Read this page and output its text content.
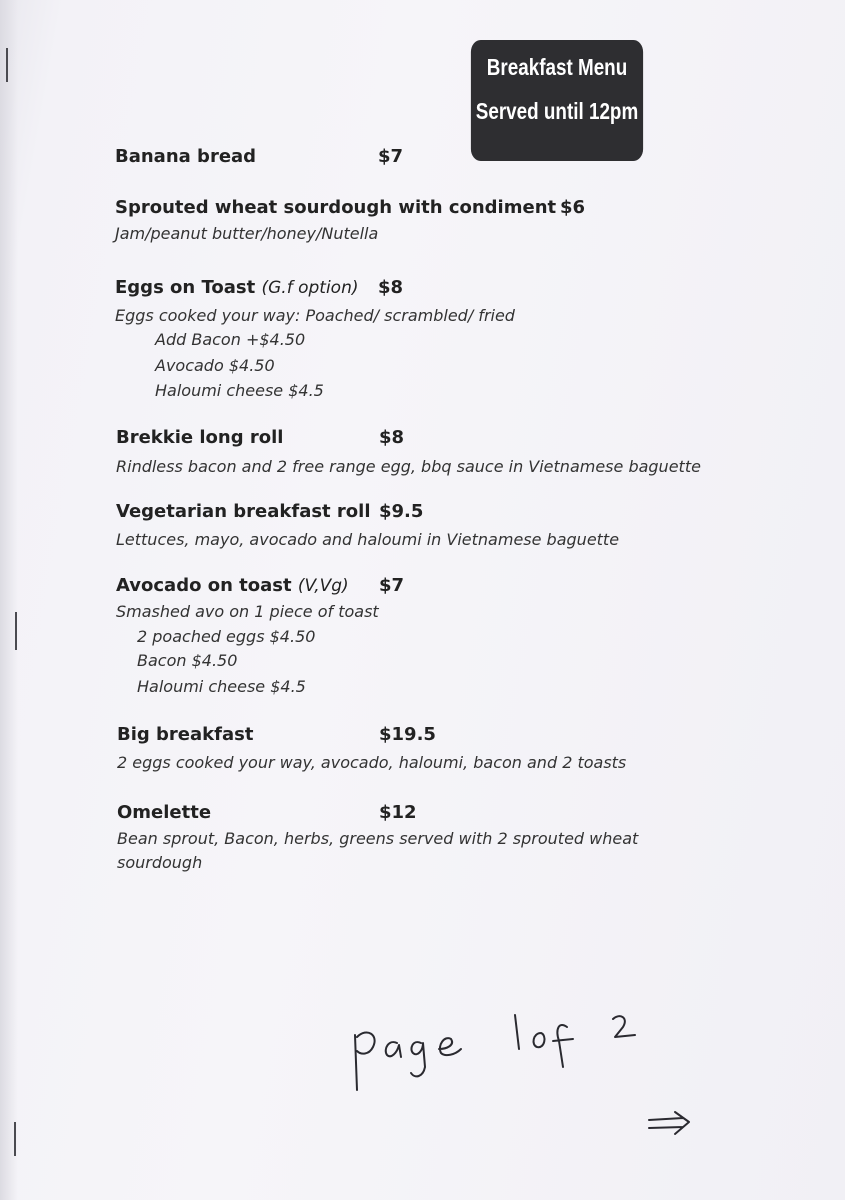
Breakfast Menu
Served until 12pm
Banana bread	$7
Sprouted wheat sourdough with condiment $6
Jam/peanut butter/honey/Nutella
Eggs on Toast (G.f option) $8
Eggs cooked your way: Poached/ scrambled/ fried
Add Bacon +$4.50
Avocado $4.50
Haloumi cheese $4.5
Brekkie long roll	$8
Rindless bacon and 2 free range egg, bbq sauce in Vietnamese baguette
Vegetarian breakfast roll $9.5
Lettuces, mayo, avocado and haloumi in Vietnamese baguette
Avocado on toast (V,Vg) $7
Smashed avo on 1 piece of toast
2 poached eggs $4.50
Bacon $4.50
Haloumi cheese $4.5
Big breakfast	$19.5
2 eggs cooked your way, avocado, haloumi, bacon and 2 toasts
Omelette	$12
Bean sprout, Bacon, herbs, greens served with 2 sprouted wheat
sourdough
